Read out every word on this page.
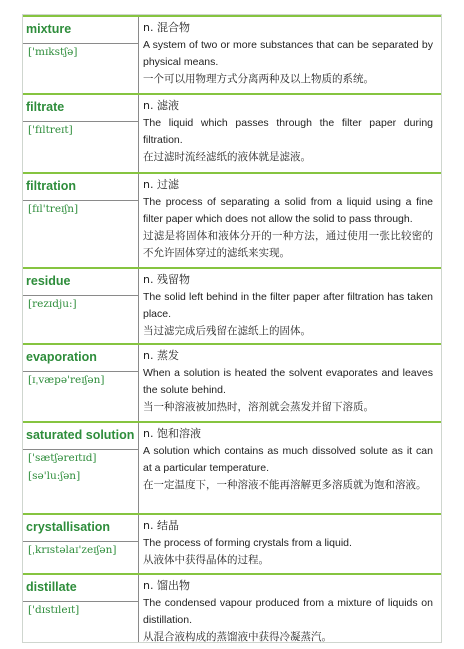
mixture
['mɪkstʃə]
n. 混合物
A system of two or more substances that can be separated by physical means.
一个可以用物理方式分离两种及以上物质的系统。
filtrate
['fɪltreɪt]
n. 滤液
The liquid which passes through the filter paper during filtration.
在过滤时流经滤纸的液体就是滤液。
filtration
[fɪl'treɪʃn]
n. 过滤
The process of separating a solid from a liquid using a fine filter paper which does not allow the solid to pass through.
过滤是将固体和液体分开的一种方法，通过使用一张比较密的不允许固体穿过的滤纸来实现。
residue
[rezɪdju:]
n. 残留物
The solid left behind in the filter paper after filtration has taken place.
当过滤完成后残留在滤纸上的固体。
evaporation
[ɪˌvæpə'reɪʃən]
n. 蒸发
When a solution is heated the solvent evaporates and leaves the solute behind.
当一种溶液被加热时，溶剂就会蒸发并留下溶质。
saturated solution
['sætʃəreɪtɪd]
[sə'lu:ʃən]
n. 饱和溶液
A solution which contains as much dissolved solute as it can at a particular temperature.
在一定温度下，一种溶液不能再溶解更多溶质就为饱和溶液。
crystallisation
[ˌkrɪstəlaɪ'zeɪʃən]
n. 结晶
The process of forming crystals from a liquid.
从液体中获得晶体的过程。
distillate
['dɪstɪleɪt]
n. 馏出物
The condensed vapour produced from a mixture of liquids on distillation.
从混合液构成的蒸馏液中获得冷凝蒸汽。
